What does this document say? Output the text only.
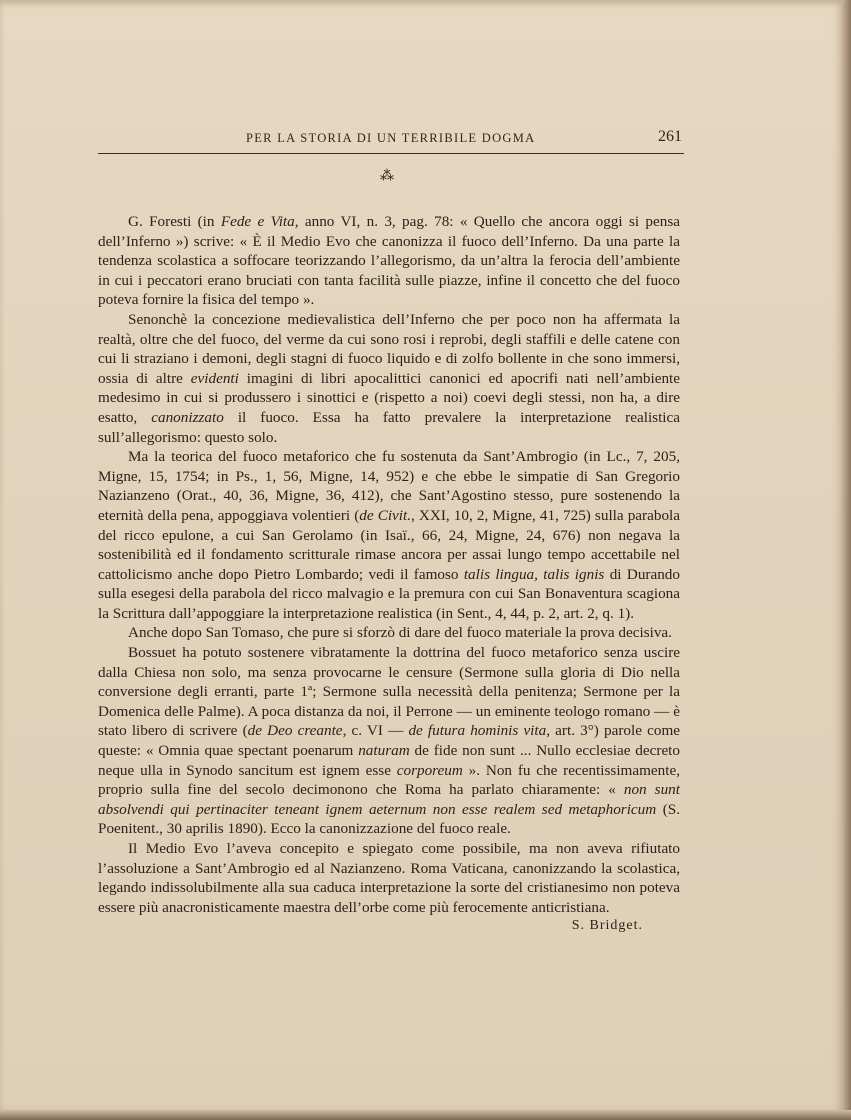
PER LA STORIA DI UN TERRIBILE DOGMA	261
⁂

G. Foresti (in Fede e Vita, anno VI, n. 3, pag. 78: « Quello che ancora oggi si pensa dell’Inferno ») scrive: « È il Medio Evo che canonizza il fuoco dell’Inferno. Da una parte la tendenza scolastica a soffocare teorizzando l’allegorismo, da un’altra la ferocia dell’ambiente in cui i peccatori erano bruciati con tanta facilità sulle piazze, infine il concetto che del fuoco poteva fornire la fisica del tempo ».

Senonchè la concezione medievalistica dell’Inferno che per poco non ha affermata la realtà, oltre che del fuoco, del verme da cui sono rosi i reprobi, degli staffili e delle catene con cui li straziano i demoni, degli stagni di fuoco liquido e di zolfo bollente in che sono immersi, ossia di altre evidenti imagini di libri apocalittici canonici ed apocrifi nati nell’ambiente medesimo in cui si produssero i sinottici e (rispetto a noi) coevi degli stessi, non ha, a dire esatto, canonizzato il fuoco. Essa ha fatto prevalere la interpretazione realistica sull’allegorismo: questo solo.

Ma la teorica del fuoco metaforico che fu sostenuta da Sant’Ambrogio (in Lc., 7, 205, Migne, 15, 1754; in Ps., 1, 56, Migne, 14, 952) e che ebbe le simpatie di San Gregorio Nazianzeno (Orat., 40, 36, Migne, 36, 412), che Sant’Agostino stesso, pure sostenendo la eternità della pena, appoggiava volentieri (de Civit., XXI, 10, 2, Migne, 41, 725) sulla parabola del ricco epulone, a cui San Gerolamo (in Isaï., 66, 24, Migne, 24, 676) non negava la sostenibilità ed il fondamento scritturale rimase ancora per assai lungo tempo accettabile nel cattolicismo anche dopo Pietro Lombardo; vedi il famoso talis lingua, talis ignis di Durando sulla esegesi della parabola del ricco malvagio e la premura con cui San Bonaventura scagiona la Scrittura dall’appoggiare la interpretazione realistica (in Sent., 4, 44, p. 2, art. 2, q. 1).

Anche dopo San Tomaso, che pure si sforzò di dare del fuoco materiale la prova decisiva.

Bossuet ha potuto sostenere vibratamente la dottrina del fuoco metaforico senza uscire dalla Chiesa non solo, ma senza provocarne le censure (Sermone sulla gloria di Dio nella conversione degli erranti, parte 1ª; Sermone sulla necessità della penitenza; Sermone per la Domenica delle Palme). A poca distanza da noi, il Perrone — un eminente teologo romano — è stato libero di scrivere (de Deo creante, c. VI — de futura hominis vita, art. 3°) parole come queste: « Omnia quae spectant poenarum naturam de fide non sunt ... Nullo ecclesiae decreto neque ulla in Synodo sancitum est ignem esse corporeum ». Non fu che recentissimamente, proprio sulla fine del secolo decimonono che Roma ha parlato chiaramente: « non sunt absolvendi qui pertinaciter teneant ignem aeternum non esse realem sed metaphoricum (S. Poenitent., 30 aprilis 1890). Ecco la canonizzazione del fuoco reale.

Il Medio Evo l’aveva concepito e spiegato come possibile, ma non aveva rifiutato l’assoluzione a Sant’Ambrogio ed al Nazianzeno. Roma Vaticana, canonizzando la scolastica, legando indissolubilmente alla sua caduca interpretazione la sorte del cristianesimo non poteva essere più anacronisticamente maestra dell’orbe come più ferocemente anticristiana.

S. Bridget.
